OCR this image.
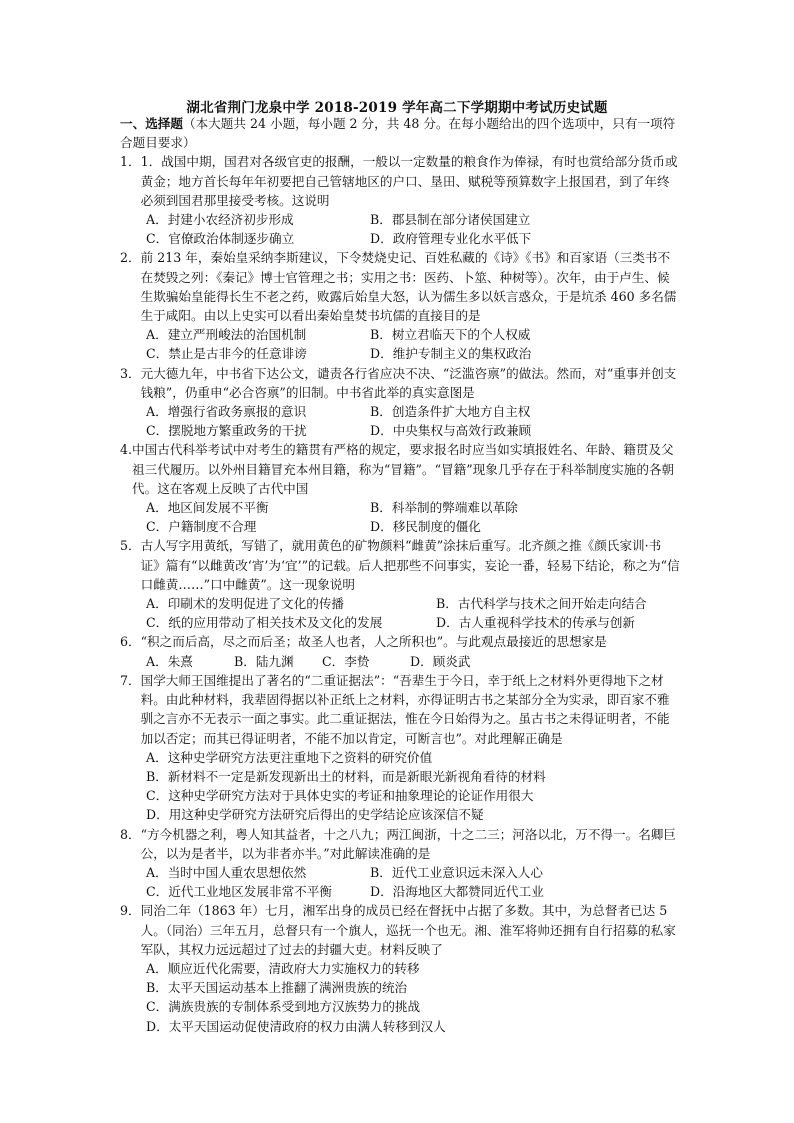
湖北省荆门龙泉中学 2018-2019 学年高二下学期期中考试历史试题

一、选择题（本大题共 24 小题，每小题 2 分，共 48 分。在每小题给出的四个选项中，只有一项符合题目要求）

1． 1．战国中期，国君对各级官吏的报酬，一般以一定数量的粮食作为俸禄，有时也赏给部分货币或黄金；地方首长每年年初要把自己管辖地区的户口、垦田、赋税等预算数字上报国君，到了年终必须到国君那里接受考核。这说明
A．封建小农经济初步形成	B．郡县制在部分诸侯国建立
C．官僚政治体制逐步确立	D．政府管理专业化水平低下
2． 前 213 年，秦始皇采纳李斯建议，下令焚烧史记、百姓私藏的《诗》《书》和百家语（三类书不在焚毁之列：《秦记》博士官管理之书；实用之书：医药、卜筮、种树等）。次年，由于卢生、候生欺骗始皇能得长生不老之药，败露后始皇大怒，认为儒生多以妖言惑众，于是坑杀 460 多名儒生于咸阳。由以上史实可以看出秦始皇焚书坑儒的直接目的是
A．建立严刑峻法的治国机制	B．树立君临天下的个人权威
C．禁止是古非今的任意诽谤	D．维护专制主义的集权政治
3． 元大德九年，中书省下达公文，谴责各行省应决不决、“泛滥咨禀”的做法。然而，对“重事并创支钱粮”，仍重申“必合咨禀”的旧制。中书省此举的真实意图是
A．增强行省政务禀报的意识	B．创造条件扩大地方自主权
C．摆脱地方繁重政务的干扰	D．中央集权与高效行政兼顾
4. 中国古代科举考试中对考生的籍贯有严格的规定，要求报名时应当如实填报姓名、年龄、籍贯及父祖三代履历。以外州目籍冒充本州目籍，称为“冒籍”。“冒籍”现象几乎存在于科举制度实施的各朝代。这在客观上反映了古代中国
A．地区间发展不平衡	B．科举制的弊端难以革除
C．户籍制度不合理	D．移民制度的僵化
5． 古人写字用黄纸，写错了，就用黄色的矿物颜料“雌黄”涂抹后重写。北齐颜之推《颜氏家训·书证》篇有“以雌黄改‘宵’为‘宜’”的记载。后人把那些不问事实，妄论一番，轻易下结论，称之为“信口雌黄……”口中雌黄”。这一现象说明
A．印刷术的发明促进了文化的传播	B．古代科学与技术之间开始走向结合
C．纸的应用带动了相关技术及文化的发展	D．古人重视科学技术的传承与创新
6． “积之而后高，尽之而后圣；故圣人也者，人之所积也”。与此观点最接近的思想家是
A．朱熹	B．陆九渊	C．李贽	D．顾炎武
7． 国学大师王国维提出了著名的“二重证据法”：“吾辈生于今日，幸于纸上之材料外更得地下之材料。由此种材料，我辈固得据以补正纸上之材料，亦得证明古书之某部分全为实录，即百家不雅驯之言亦不无表示一面之事实。此二重证据法，惟在今日始得为之。虽古书之未得证明者，不能加以否定；而其已得证明者，不能不加以肯定，可断言也”。对此理解正确是
A．这种史学研究方法更注重地下之资料的研究价值
B．新材料不一定是新发现新出土的材料，而是新眼光新视角看待的材料
C．这种史学研究方法对于具体史实的考证和抽象理论的论证作用很大
D．用这种史学研究方法研究后得出的史学结论应该深信不疑
8． “方今机器之利，粤人知其益者，十之八九；两江闽浙，十之二三；河洛以北，万不得一。名卿巨公，以为是者半，以为非者亦半。”对此解读准确的是
A．当时中国人重农思想依然	B．近代工业意识远未深入人心
C．近代工业地区发展非常不平衡	D．沿海地区大都赞同近代工业
9． 同治二年（1863 年）七月，湘军出身的成员已经在督抚中占据了多数。其中，为总督者已达 5 人。（同治）三年五月，总督只有一个旗人，巡抚一个也无。湘、淮军将帅还拥有自行招募的私家军队，其权力远远超过了过去的封疆大吏。材料反映了
A．顺应近代化需要，清政府大力实施权力的转移
B．太平天国运动基本上推翻了满洲贵族的统治
C．满族贵族的专制体系受到地方汉族势力的挑战
D．太平天国运动促使清政府的权力由满人转移到汉人
